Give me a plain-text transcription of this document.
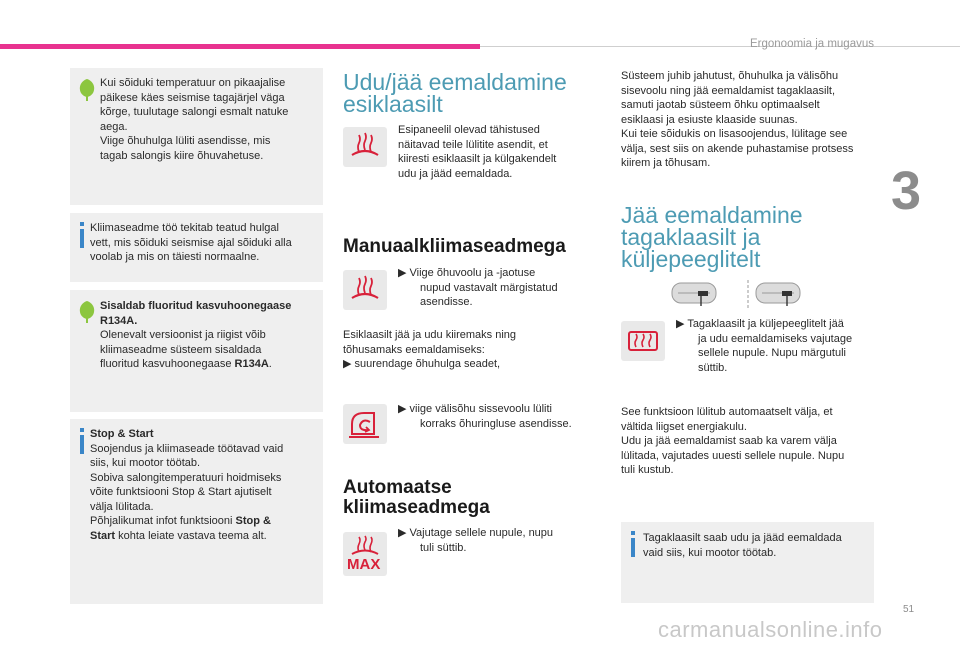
Ergonoomia ja mugavus
3
51
carmanualsonline.info

Kui sõiduki temperatuur on pikaajalise
päikese käes seismise tagajärjel väga
kõrge, tuulutage salongi esmalt natuke
aega.
Viige õhuhulga lüliti asendisse, mis
tagab salongis kiire õhuvahetuse.

Kliimaseadme töö tekitab teatud hulgal
vett, mis sõiduki seismise ajal sõiduki alla
voolab ja mis on täiesti normaalne.

Sisaldab fluoritud kasvuhoonegaase
R134A.
Olenevalt versioonist ja riigist võib
kliimaseadme süsteem sisaldada
fluoritud kasvuhoonegaase R134A.

Stop & Start
Soojendus ja kliimaseade töötavad vaid
siis, kui mootor töötab.
Sobiva salongitemperatuuri hoidmiseks
võite funktsiooni Stop & Start ajutiselt
välja lülitada.
Põhjalikumat infot funktsiooni Stop &
Start kohta leiate vastava teema alt.

Udu/jää eemaldamine
esiklaasilt
Esipaneelil olevad tähistused
näitavad teile lülitite asendit, et
kiiresti esiklaasilt ja külgakendelt
udu ja jääd eemaldada.
Manuaalkliimaseadmega
▶ Viige õhuvoolu ja -jaotuse
nupud vastavalt märgistatud
asendisse.
Esiklaasilt jää ja udu kiiremaks ning
tõhusamaks eemaldamiseks:
▶ suurendage õhuhulga seadet,
▶ viige välisõhu sissevoolu lüliti
korraks õhuringluse asendisse.
Automaatse
kliimaseadmega
MAX
▶ Vajutage sellele nupule, nupu
tuli süttib.
Süsteem juhib jahutust, õhuhulka ja välisõhu
sisevoolu ning jää eemaldamist tagaklaasilt,
samuti jaotab süsteem õhku optimaalselt
esiklaasi ja esiuste klaaside suunas.
Kui teie sõidukis on lisasoojendus, lülitage see
välja, sest siis on akende puhastamise protsess
kiirem ja tõhusam.
Jää eemaldamine
tagaklaasilt ja
küljepeeglitelt
▶ Tagaklaasilt ja küljepeeglitelt jää
ja udu eemaldamiseks vajutage
sellele nupule. Nupu märgutuli
süttib.
See funktsioon lülitub automaatselt välja, et
vältida liigset energiakulu.
Udu ja jää eemaldamist saab ka varem välja
lülitada, vajutades uuesti sellele nupule. Nupu
tuli kustub.

Tagaklaasilt saab udu ja jääd eemaldada
vaid siis, kui mootor töötab.
